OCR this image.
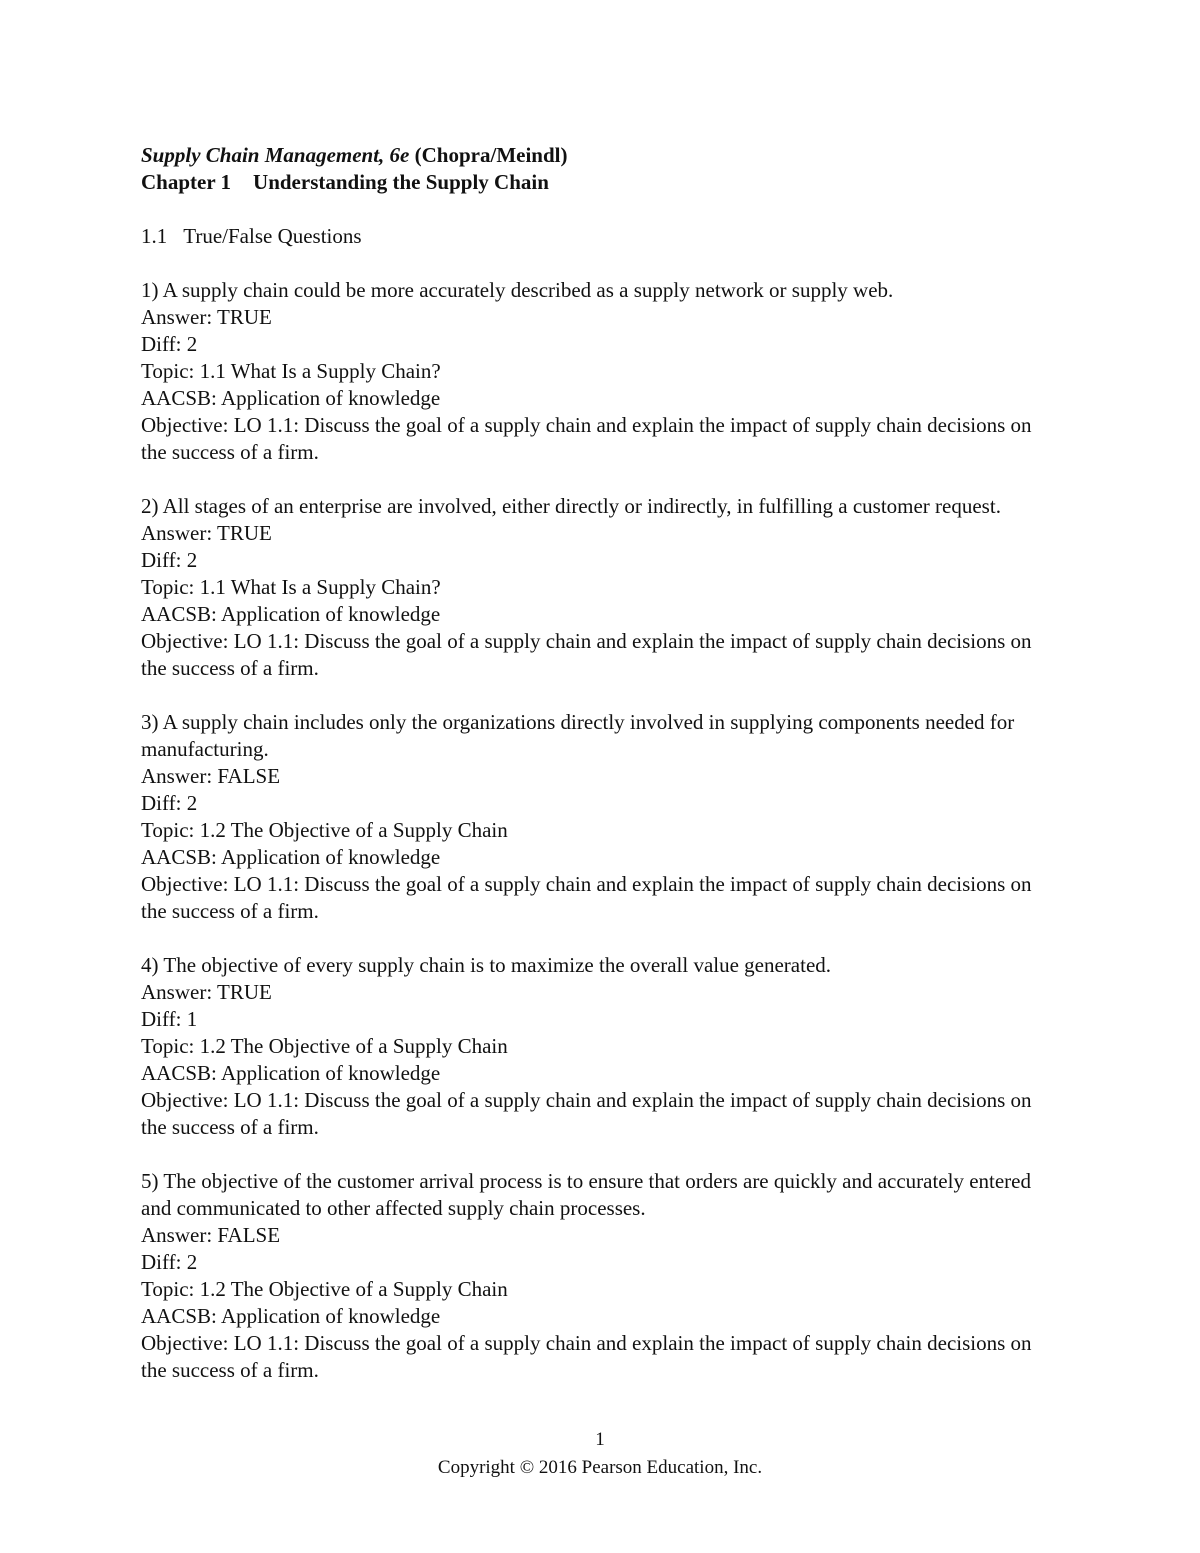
Supply Chain Management, 6e (Chopra/Meindl)
Chapter 1 Understanding the Supply Chain
1.1 True/False Questions
1) A supply chain could be more accurately described as a supply network or supply web.
Answer: TRUE
Diff: 2
Topic: 1.1 What Is a Supply Chain?
AACSB: Application of knowledge
Objective: LO 1.1: Discuss the goal of a supply chain and explain the impact of supply chain decisions on the success of a firm.
2) All stages of an enterprise are involved, either directly or indirectly, in fulfilling a customer request.
Answer: TRUE
Diff: 2
Topic: 1.1 What Is a Supply Chain?
AACSB: Application of knowledge
Objective: LO 1.1: Discuss the goal of a supply chain and explain the impact of supply chain decisions on the success of a firm.
3) A supply chain includes only the organizations directly involved in supplying components needed for manufacturing.
Answer: FALSE
Diff: 2
Topic: 1.2 The Objective of a Supply Chain
AACSB: Application of knowledge
Objective: LO 1.1: Discuss the goal of a supply chain and explain the impact of supply chain decisions on the success of a firm.
4) The objective of every supply chain is to maximize the overall value generated.
Answer: TRUE
Diff: 1
Topic: 1.2 The Objective of a Supply Chain
AACSB: Application of knowledge
Objective: LO 1.1: Discuss the goal of a supply chain and explain the impact of supply chain decisions on the success of a firm.
5) The objective of the customer arrival process is to ensure that orders are quickly and accurately entered and communicated to other affected supply chain processes.
Answer: FALSE
Diff: 2
Topic: 1.2 The Objective of a Supply Chain
AACSB: Application of knowledge
Objective: LO 1.1: Discuss the goal of a supply chain and explain the impact of supply chain decisions on the success of a firm.
1
Copyright © 2016 Pearson Education, Inc.
